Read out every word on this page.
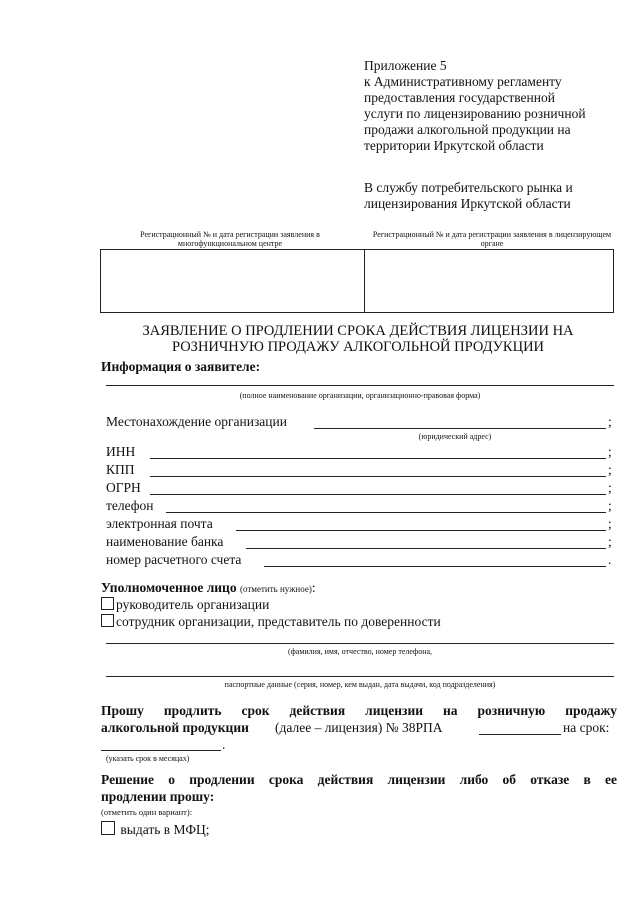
Приложение 5
к Административному регламенту
предоставления государственной
услуги по лицензированию розничной
продажи алкогольной продукции на
территории Иркутской области
В службу потребительского рынка и
лицензирования Иркутской области
Регистрационный № и дата регистрации заявления в многофункциональном центре
Регистрационный № и дата регистрации заявления в лицензирующем органе
ЗАЯВЛЕНИЕ О ПРОДЛЕНИИ СРОКА ДЕЙСТВИЯ ЛИЦЕНЗИИ НА
РОЗНИЧНУЮ ПРОДАЖУ АЛКОГОЛЬНОЙ ПРОДУКЦИИ
Информация о заявителе:
(полное наименование организации, организационно-правовая форма)
Местонахождение организации	;
(юридический адрес)
ИНН	;
КПП	;
ОГРН	;
телефон	;
электронная почта	;
наименование банка	;
номер расчетного счета	.
Уполномоченное лицо (отметить нужное):
руководитель организации
сотрудник организации, представитель по доверенности
(фамилия, имя, отчество, номер телефона,
паспортные данные (серия, номер, кем выдан, дата выдачи, код подразделения)
Прошу продлить срок действия лицензии на розничную продажу
алкогольной продукции (далее – лицензия) № 38РПА	на срок:
.
(указать срок в месяцах)
Решение о продлении срока действия лицензии либо об отказе в ее
продлении прошу:
(отметить один вариант):
выдать в МФЦ;
